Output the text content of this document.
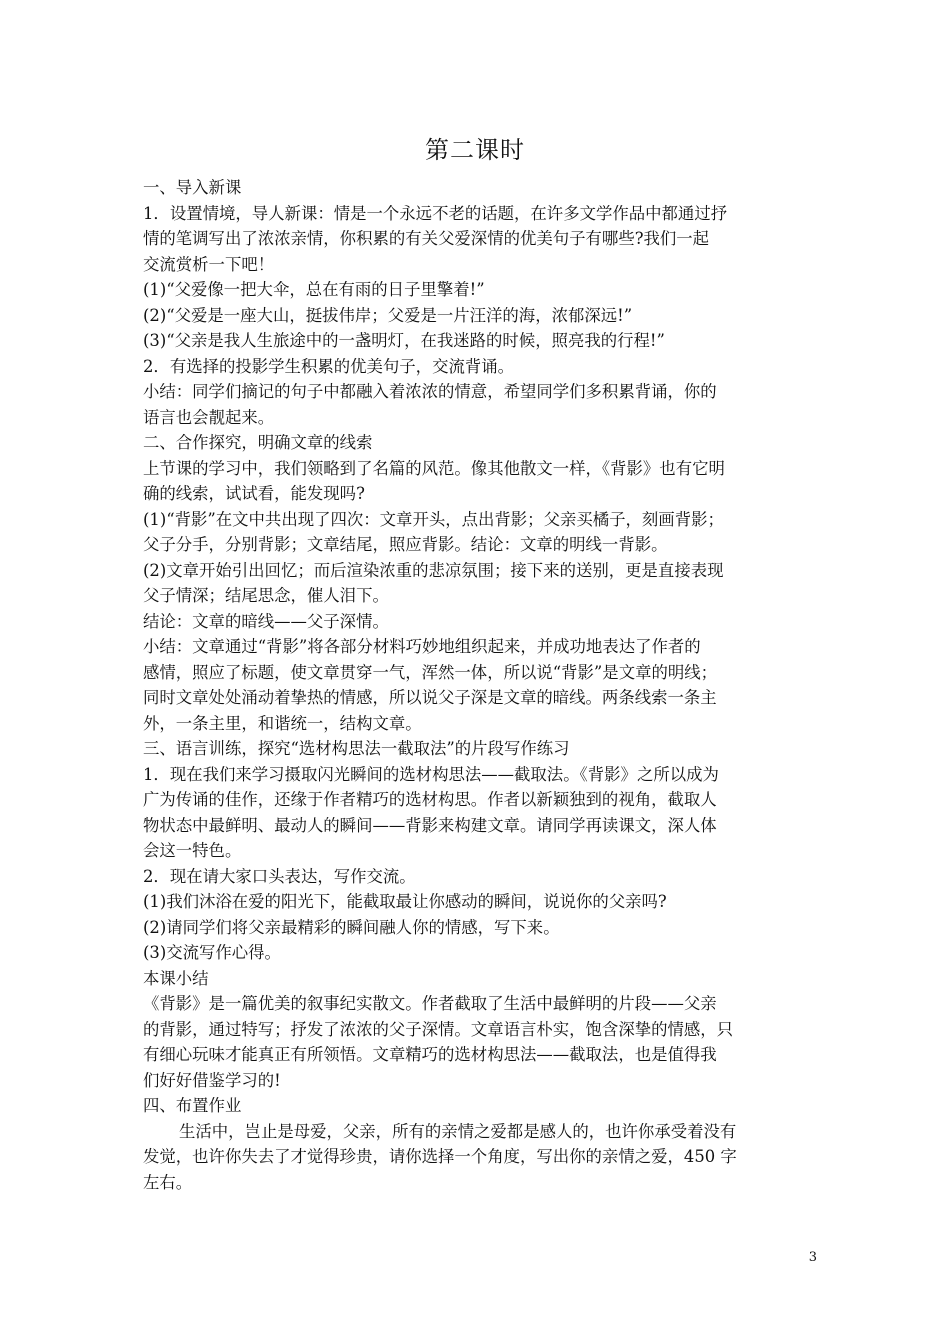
第二课时
一、导入新课
1．设置情境，导人新课：情是一个永远不老的话题，在许多文学作品中都通过抒
情的笔调写出了浓浓亲情，你积累的有关父爱深情的优美句子有哪些?我们一起
交流赏析一下吧！
(1)“父爱像一把大伞，总在有雨的日子里擎着!”
(2)“父爱是一座大山，挺拔伟岸；父爱是一片汪洋的海，浓郁深远!”
(3)“父亲是我人生旅途中的一盏明灯，在我迷路的时候，照亮我的行程!”
2．有选择的投影学生积累的优美句子，交流背诵。
小结：同学们摘记的句子中都融入着浓浓的情意，希望同学们多积累背诵，你的
语言也会靓起来。
二、合作探究，明确文章的线索
上节课的学习中，我们领略到了名篇的风范。像其他散文一样，《背影》也有它明
确的线索，试试看，能发现吗?
(1)“背影”在文中共出现了四次：文章开头，点出背影；父亲买橘子，刻画背影；
父子分手，分别背影；文章结尾，照应背影。结论：文章的明线一背影。
(2)文章开始引出回忆；而后渲染浓重的悲凉氛围；接下来的送别，更是直接表现
父子情深；结尾思念，催人泪下。
结论：文章的暗线——父子深情。
小结：文章通过“背影”将各部分材料巧妙地组织起来，并成功地表达了作者的
感情，照应了标题，使文章贯穿一气，浑然一体，所以说“背影”是文章的明线；
同时文章处处涌动着挚热的情感，所以说父子深是文章的暗线。两条线索一条主
外，一条主里，和谐统一，结构文章。
三、语言训练，探究“选材构思法一截取法”的片段写作练习
1．现在我们来学习摄取闪光瞬间的选材构思法——截取法。《背影》之所以成为
广为传诵的佳作，还缘于作者精巧的选材构思。作者以新颖独到的视角，截取人
物状态中最鲜明、最动人的瞬间——背影来构建文章。请同学再读课文，深人体
会这一特色。
2．现在请大家口头表达，写作交流。
(1)我们沐浴在爱的阳光下，能截取最让你感动的瞬间，说说你的父亲吗?
(2)请同学们将父亲最精彩的瞬间融人你的情感，写下来。
(3)交流写作心得。
本课小结
《背影》是一篇优美的叙事纪实散文。作者截取了生活中最鲜明的片段——父亲
的背影，通过特写；抒发了浓浓的父子深情。文章语言朴实，饱含深挚的情感，只
有细心玩味才能真正有所领悟。文章精巧的选材构思法——截取法，也是值得我
们好好借鉴学习的!
四、布置作业
生活中，岂止是母爱，父亲，所有的亲情之爱都是感人的，也许你承受着没有
发觉，也许你失去了才觉得珍贵，请你选择一个角度，写出你的亲情之爱，450 字
左右。
3
